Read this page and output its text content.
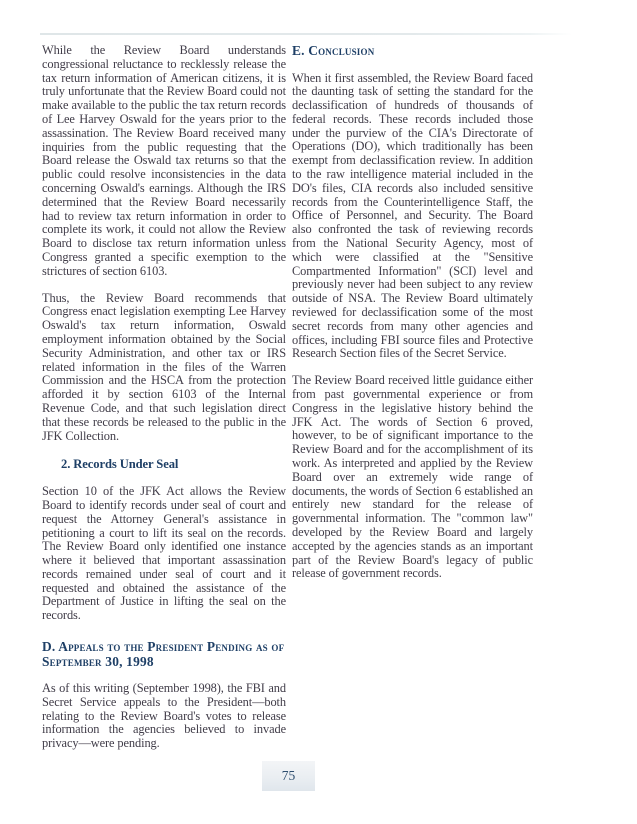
While the Review Board understands congressional reluctance to recklessly release the tax return information of American citizens, it is truly unfortunate that the Review Board could not make available to the public the tax return records of Lee Harvey Oswald for the years prior to the assassination. The Review Board received many inquiries from the public requesting that the Board release the Oswald tax returns so that the public could resolve inconsistencies in the data concerning Oswald's earnings. Although the IRS determined that the Review Board necessarily had to review tax return information in order to complete its work, it could not allow the Review Board to disclose tax return information unless Congress granted a specific exemption to the strictures of section 6103.

Thus, the Review Board recommends that Congress enact legislation exempting Lee Harvey Oswald's tax return information, Oswald employment information obtained by the Social Security Administration, and other tax or IRS related information in the files of the Warren Commission and the HSCA from the protection afforded it by section 6103 of the Internal Revenue Code, and that such legislation direct that these records be released to the public in the JFK Collection.

2. Records Under Seal

Section 10 of the JFK Act allows the Review Board to identify records under seal of court and request the Attorney General's assistance in petitioning a court to lift its seal on the records. The Review Board only identified one instance where it believed that important assassination records remained under seal of court and it requested and obtained the assistance of the Department of Justice in lifting the seal on the records.

D. Appeals to the President Pending as of September 30, 1998

As of this writing (September 1998), the FBI and Secret Service appeals to the President—both relating to the Review Board's votes to release information the agencies believed to invade privacy—were pending.

E. Conclusion

When it first assembled, the Review Board faced the daunting task of setting the standard for the declassification of hundreds of thousands of federal records. These records included those under the purview of the CIA's Directorate of Operations (DO), which traditionally has been exempt from declassification review. In addition to the raw intelligence material included in the DO's files, CIA records also included sensitive records from the Counterintelligence Staff, the Office of Personnel, and Security. The Board also confronted the task of reviewing records from the National Security Agency, most of which were classified at the "Sensitive Compartmented Information" (SCI) level and previously never had been subject to any review outside of NSA. The Review Board ultimately reviewed for declassification some of the most secret records from many other agencies and offices, including FBI source files and Protective Research Section files of the Secret Service.

The Review Board received little guidance either from past governmental experience or from Congress in the legislative history behind the JFK Act. The words of Section 6 proved, however, to be of significant importance to the Review Board and for the accomplishment of its work. As interpreted and applied by the Review Board over an extremely wide range of documents, the words of Section 6 established an entirely new standard for the release of governmental information. The "common law" developed by the Review Board and largely accepted by the agencies stands as an important part of the Review Board's legacy of public release of government records.

75
